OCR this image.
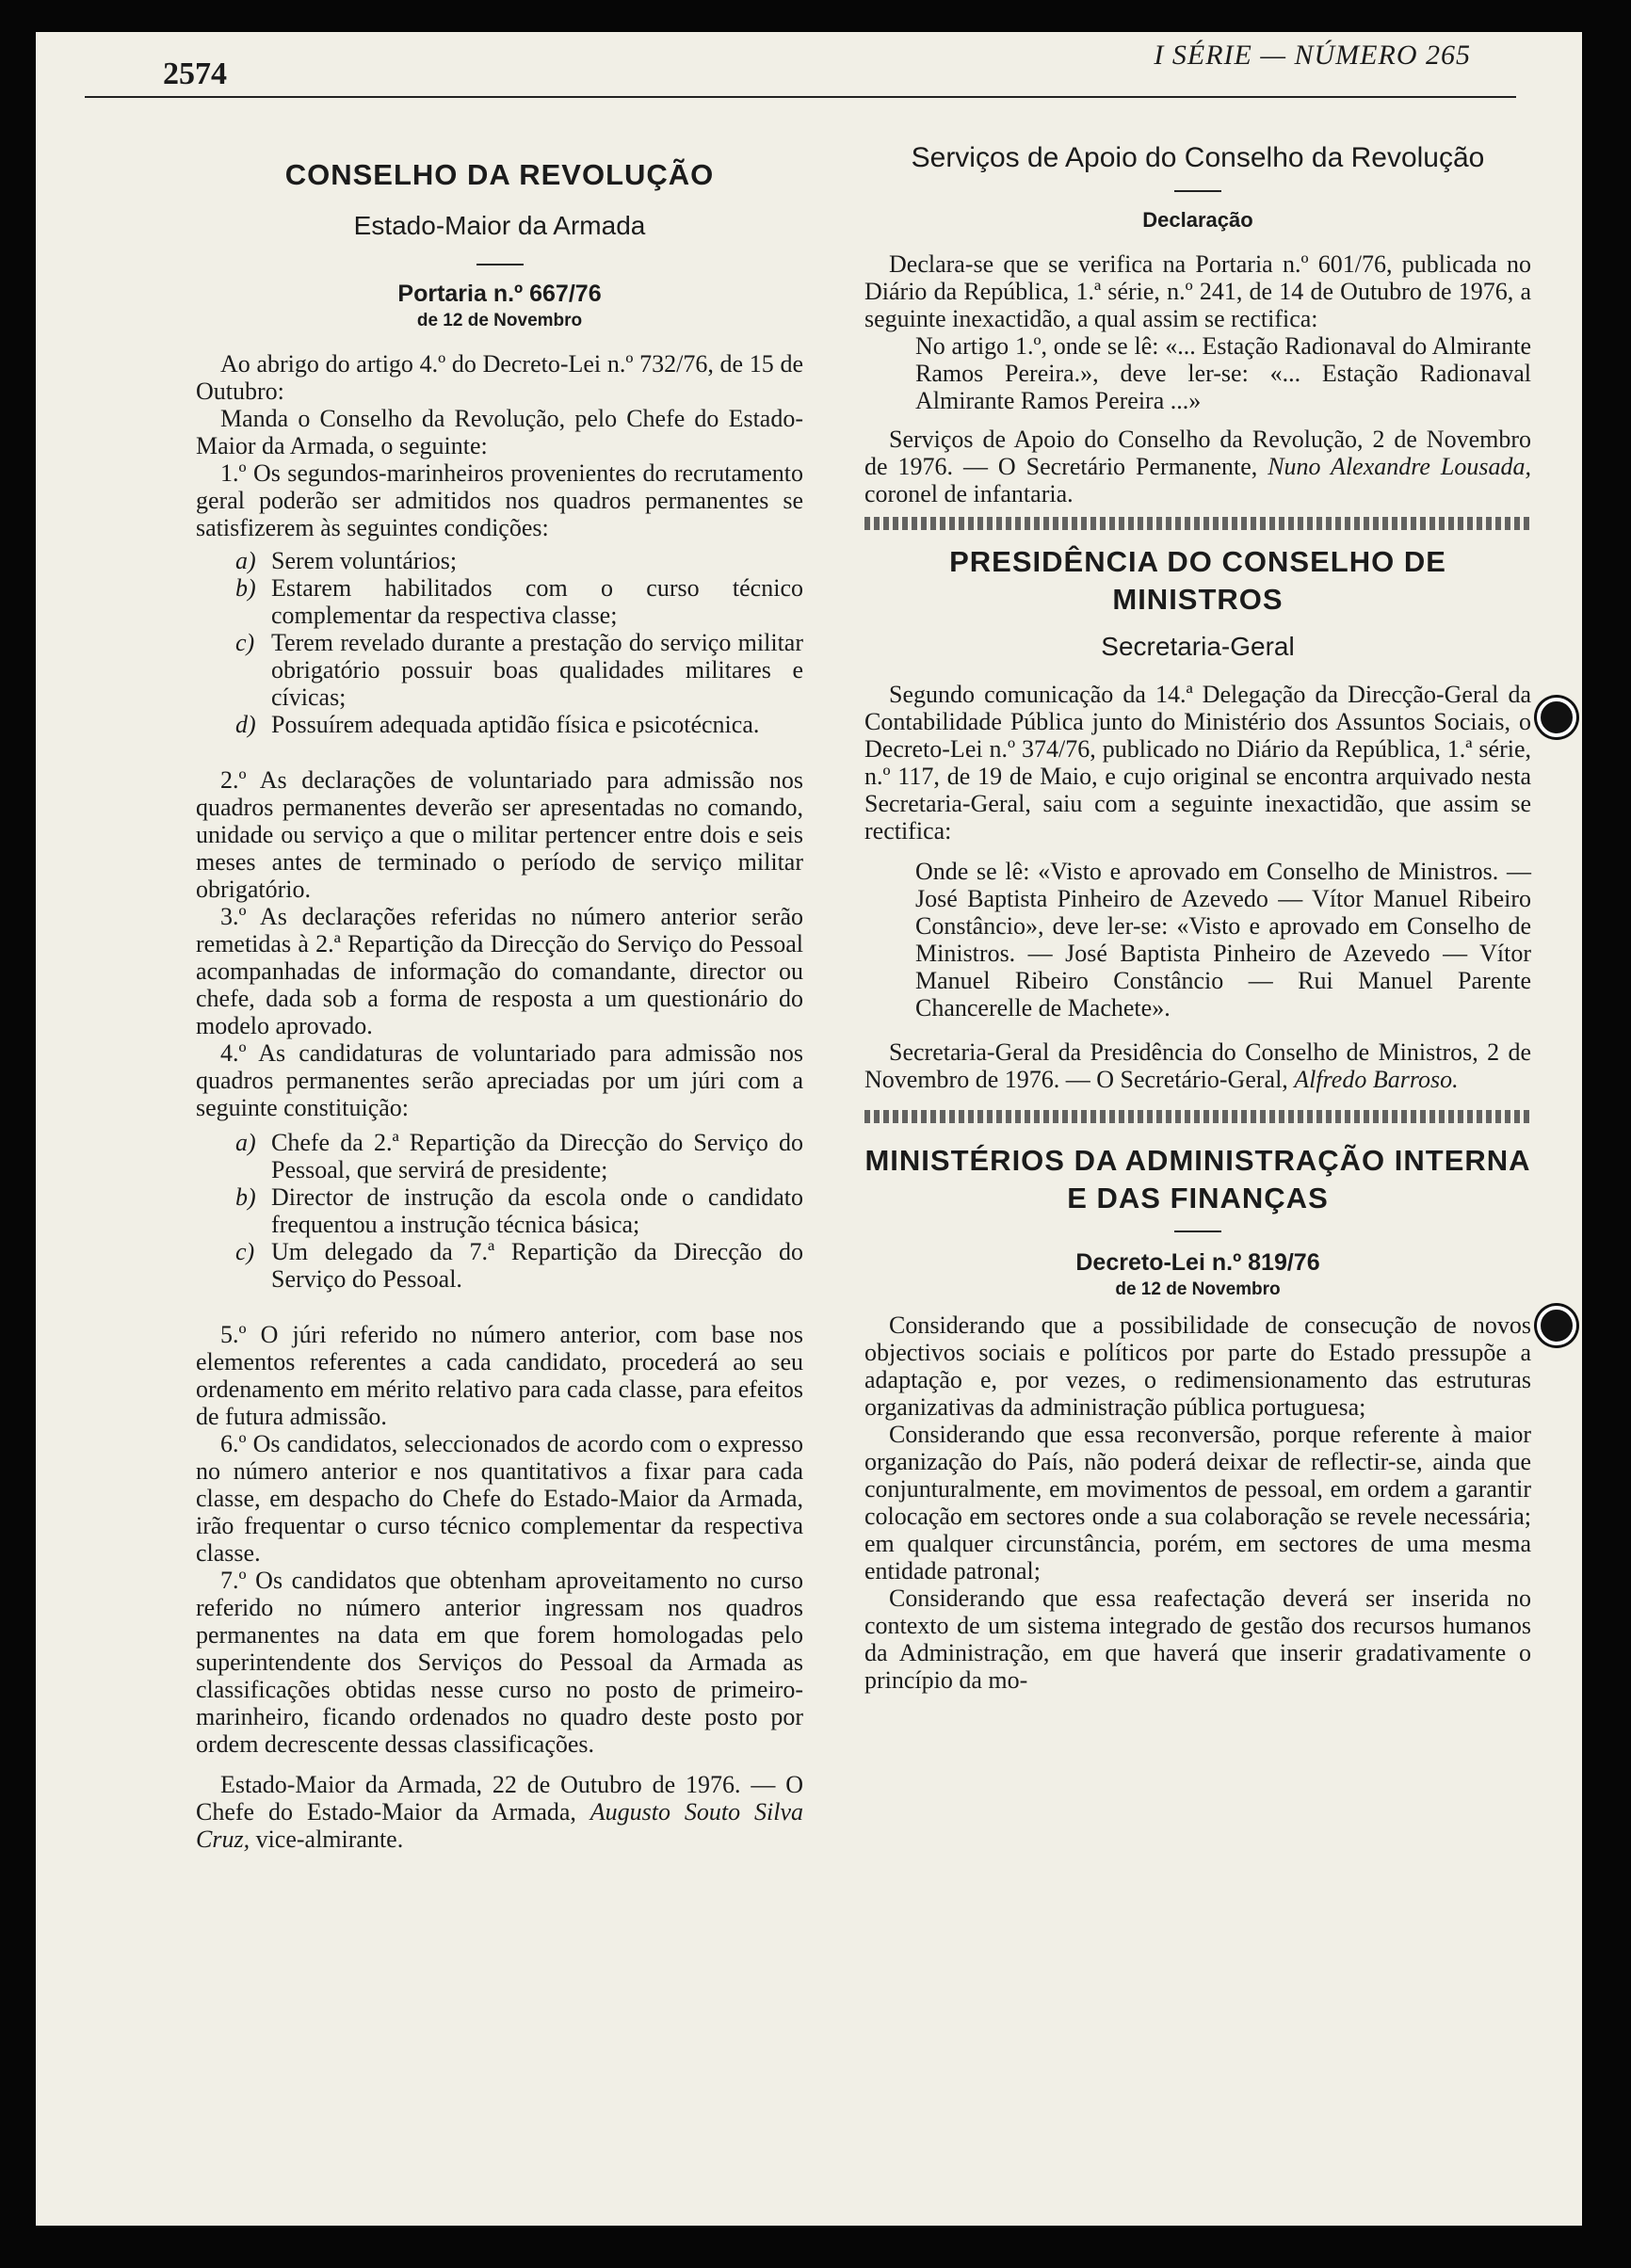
2574
I SÉRIE — NÚMERO 265
CONSELHO DA REVOLUÇÃO
Estado-Maior da Armada
Portaria n.º 667/76
de 12 de Novembro

Ao abrigo do artigo 4.º do Decreto-Lei n.º 732/76, de 15 de Outubro:

Manda o Conselho da Revolução, pelo Chefe do Estado-Maior da Armada, o seguinte:

1.º Os segundos-marinheiros provenientes do recrutamento geral poderão ser admitidos nos quadros permanentes se satisfizerem às seguintes condições:

a) Serem voluntários;

b) Estarem habilitados com o curso técnico complementar da respectiva classe;

c) Terem revelado durante a prestação do serviço militar obrigatório possuir boas qualidades militares e cívicas;

d) Possuírem adequada aptidão física e psicotécnica.

2.º As declarações de voluntariado para admissão nos quadros permanentes deverão ser apresentadas no comando, unidade ou serviço a que o militar pertencer entre dois e seis meses antes de terminado o período de serviço militar obrigatório.

3.º As declarações referidas no número anterior serão remetidas à 2.ª Repartição da Direcção do Serviço do Pessoal acompanhadas de informação do comandante, director ou chefe, dada sob a forma de resposta a um questionário do modelo aprovado.

4.º As candidaturas de voluntariado para admissão nos quadros permanentes serão apreciadas por um júri com a seguinte constituição:

a) Chefe da 2.ª Repartição da Direcção do Serviço do Pessoal, que servirá de presidente;

b) Director de instrução da escola onde o candidato frequentou a instrução técnica básica;

c) Um delegado da 7.ª Repartição da Direcção do Serviço do Pessoal.

5.º O júri referido no número anterior, com base nos elementos referentes a cada candidato, procederá ao seu ordenamento em mérito relativo para cada classe, para efeitos de futura admissão.

6.º Os candidatos, seleccionados de acordo com o expresso no número anterior e nos quantitativos a fixar para cada classe, em despacho do Chefe do Estado-Maior da Armada, irão frequentar o curso técnico complementar da respectiva classe.

7.º Os candidatos que obtenham aproveitamento no curso referido no número anterior ingressam nos quadros permanentes na data em que forem homologadas pelo superintendente dos Serviços do Pessoal da Armada as classificações obtidas nesse curso no posto de primeiro-marinheiro, ficando ordenados no quadro deste posto por ordem decrescente dessas classificações.

Estado-Maior da Armada, 22 de Outubro de 1976. — O Chefe do Estado-Maior da Armada, Augusto Souto Silva Cruz, vice-almirante.

Serviços de Apoio do Conselho da Revolução
Declaração

Declara-se que se verifica na Portaria n.º 601/76, publicada no Diário da República, 1.ª série, n.º 241, de 14 de Outubro de 1976, a seguinte inexactidão, a qual assim se rectifica:

No artigo 1.º, onde se lê: «... Estação Radionaval do Almirante Ramos Pereira.», deve ler-se: «... Estação Radionaval Almirante Ramos Pereira ...»

Serviços de Apoio do Conselho da Revolução, 2 de Novembro de 1976. — O Secretário Permanente, Nuno Alexandre Lousada, coronel de infantaria.

PRESIDÊNCIA DO CONSELHO DE MINISTROS
Secretaria-Geral

Segundo comunicação da 14.ª Delegação da Direcção-Geral da Contabilidade Pública junto do Ministério dos Assuntos Sociais, o Decreto-Lei n.º 374/76, publicado no Diário da República, 1.ª série, n.º 117, de 19 de Maio, e cujo original se encontra arquivado nesta Secretaria-Geral, saiu com a seguinte inexactidão, que assim se rectifica:

Onde se lê: «Visto e aprovado em Conselho de Ministros. — José Baptista Pinheiro de Azevedo — Vítor Manuel Ribeiro Constâncio», deve ler-se: «Visto e aprovado em Conselho de Ministros. — José Baptista Pinheiro de Azevedo — Vítor Manuel Ribeiro Constâncio — Rui Manuel Parente Chancerelle de Machete».

Secretaria-Geral da Presidência do Conselho de Ministros, 2 de Novembro de 1976. — O Secretário-Geral, Alfredo Barroso.

MINISTÉRIOS DA ADMINISTRAÇÃO INTERNA
E DAS FINANÇAS
Decreto-Lei n.º 819/76
de 12 de Novembro

Considerando que a possibilidade de consecução de novos objectivos sociais e políticos por parte do Estado pressupõe a adaptação e, por vezes, o redimensionamento das estruturas organizativas da administração pública portuguesa;

Considerando que essa reconversão, porque referente à maior organização do País, não poderá deixar de reflectir-se, ainda que conjunturalmente, em movimentos de pessoal, em ordem a garantir colocação em sectores onde a sua colaboração se revele necessária; em qualquer circunstância, porém, em sectores de uma mesma entidade patronal;

Considerando que essa reafectação deverá ser inserida no contexto de um sistema integrado de gestão dos recursos humanos da Administração, em que haverá que inserir gradativamente o princípio da mo-
